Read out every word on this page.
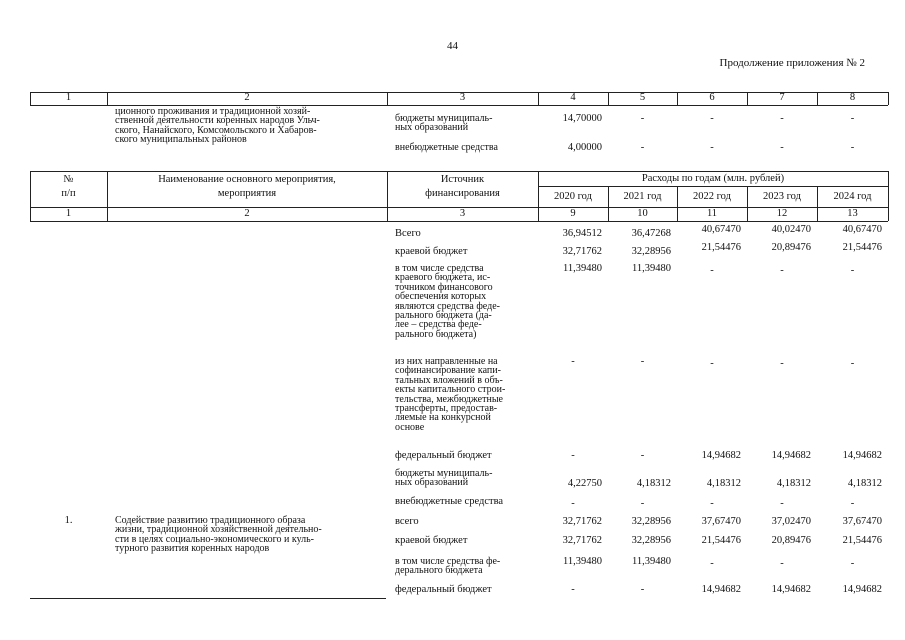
44
Продолжение приложения № 2
1	2	3	4	5	6	7	8
ционного проживания и традиционной хозяй-
ственной деятельности коренных народов Ульч-
ского, Нанайского, Комсомольского и Хабаров-
ского муниципальных районов
бюджеты муниципаль-
ных образований
14,70000	-	-	-	-
внебюджетные средства	4,00000	-	-	-	-
№
п/п
Наименование основного мероприятия,
мероприятия
Источник
финансирования
Расходы по годам (млн. рублей)
2020 год	2021 год	2022 год	2023 год	2024 год
1	2	3	9	10	11	12	13
Всего	36,94512	36,47268	40,67470	40,02470	40,67470
краевой бюджет	32,71762	32,28956	21,54476	20,89476	21,54476
в том числе средства
краевого бюджета, ис-
точником финансового
обеспечения которых
являются средства феде-
рального бюджета (да-
лее – средства феде-
рального бюджета)
11,39480	11,39480	-	-	-
из них направленные на
софинансирование капи-
тальных вложений в объ-
екты капитального строи-
тельства, межбюджетные
трансферты, предостав-
ляемые на конкурсной
основе
-	-	-	-	-
федеральный бюджет	-	-	14,94682	14,94682	14,94682
бюджеты муниципаль-
ных образований	4,22750	4,18312	4,18312	4,18312	4,18312
внебюджетные средства	-	-	-	-	-
1.	Содействие развитию традиционного образа
жизни, традиционной хозяйственной деятельно-
сти в целях социально-экономического и куль-
турного развития коренных народов
всего	32,71762	32,28956	37,67470	37,02470	37,67470
краевой бюджет	32,71762	32,28956	21,54476	20,89476	21,54476
в том числе средства фе-
дерального бюджета
11,39480	11,39480	-	-	-
федеральный бюджет	-	-	14,94682	14,94682	14,94682
